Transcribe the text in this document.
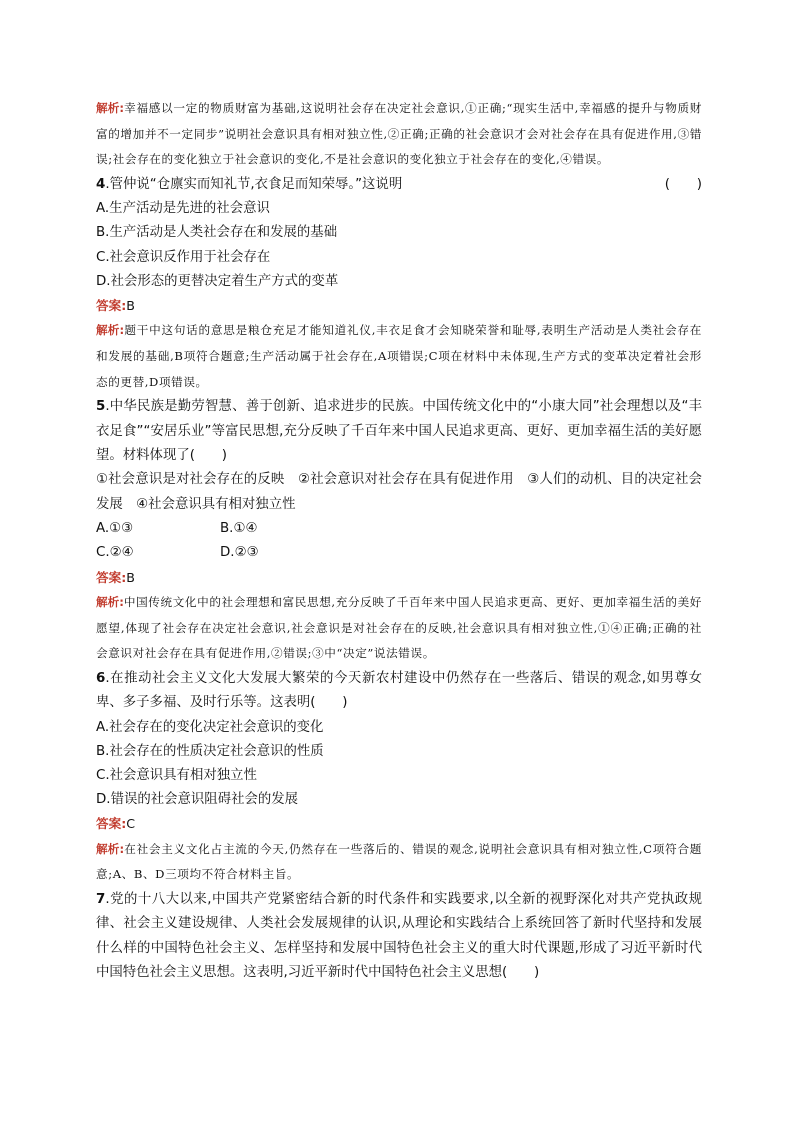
解析:幸福感以一定的物质财富为基础,这说明社会存在决定社会意识,①正确;“现实生活中,幸福感的提升与物质财富的增加并不一定同步”说明社会意识具有相对独立性,②正确;正确的社会意识才会对社会存在具有促进作用,③错误;社会存在的变化独立于社会意识的变化,不是社会意识的变化独立于社会存在的变化,④错误。

4.管仲说“仓廪实而知礼节,衣食足而知荣辱。”这说明	(　　)

A.生产活动是先进的社会意识

B.生产活动是人类社会存在和发展的基础

C.社会意识反作用于社会存在

D.社会形态的更替决定着生产方式的变革

答案:B

解析:题干中这句话的意思是粮仓充足才能知道礼仪,丰衣足食才会知晓荣誉和耻辱,表明生产活动是人类社会存在和发展的基础,B项符合题意;生产活动属于社会存在,A项错误;C项在材料中未体现,生产方式的变革决定着社会形态的更替,D项错误。

5.中华民族是勤劳智慧、善于创新、追求进步的民族。中国传统文化中的“小康大同”社会理想以及“丰衣足食”“安居乐业”等富民思想,充分反映了千百年来中国人民追求更高、更好、更加幸福生活的美好愿望。材料体现了(　　)

①社会意识是对社会存在的反映　②社会意识对社会存在具有促进作用　③人们的动机、目的决定社会发展　④社会意识具有相对独立性

A.①③	B.①④

C.②④	D.②③

答案:B

解析:中国传统文化中的社会理想和富民思想,充分反映了千百年来中国人民追求更高、更好、更加幸福生活的美好愿望,体现了社会存在决定社会意识,社会意识是对社会存在的反映,社会意识具有相对独立性,①④正确;正确的社会意识对社会存在具有促进作用,②错误;③中“决定”说法错误。

6.在推动社会主义文化大发展大繁荣的今天新农村建设中仍然存在一些落后、错误的观念,如男尊女卑、多子多福、及时行乐等。这表明(　　)

A.社会存在的变化决定社会意识的变化

B.社会存在的性质决定社会意识的性质

C.社会意识具有相对独立性

D.错误的社会意识阻碍社会的发展

答案:C

解析:在社会主义文化占主流的今天,仍然存在一些落后的、错误的观念,说明社会意识具有相对独立性,C项符合题意;A、B、D三项均不符合材料主旨。

7.党的十八大以来,中国共产党紧密结合新的时代条件和实践要求,以全新的视野深化对共产党执政规律、社会主义建设规律、人类社会发展规律的认识,从理论和实践结合上系统回答了新时代坚持和发展什么样的中国特色社会主义、怎样坚持和发展中国特色社会主义的重大时代课题,形成了习近平新时代中国特色社会主义思想。这表明,习近平新时代中国特色社会主义思想(　　)
